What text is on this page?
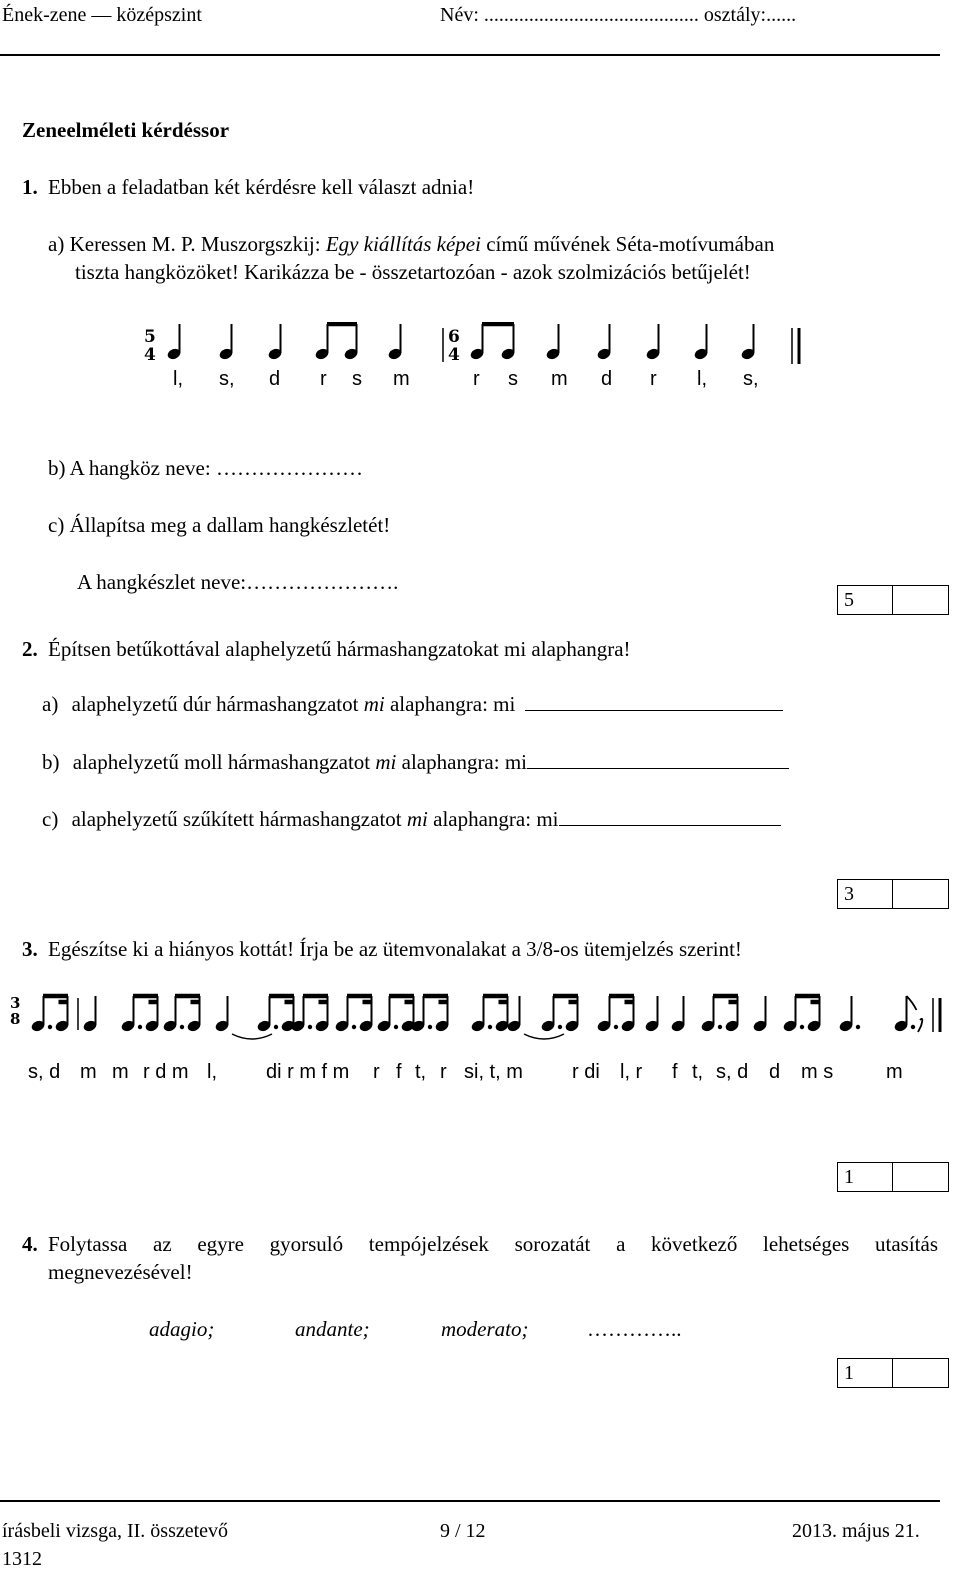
Ének-zene — középszint	Név: ........................................... osztály:......
Zeneelméleti kérdéssor
1. Ebben a feladatban két kérdésre kell választ adnia!
a) Keressen M. P. Muszorgszkij: Egy kiállítás képei című művének Séta-motívumában
tiszta hangközöket! Karikázza be - összetartozóan - azok szolmizációs betűjelét!
5
4
6
4
l, s, d r s m	r s m d r l, s,
b) A hangköz neve: …………………
c) Állapítsa meg a dallam hangkészletét!
A hangkészlet neve:………………….
5
2. Építsen betűkottával alaphelyzetű hármashangzatokat mi alaphangra!
a) alaphelyzetű dúr hármashangzatot mi alaphangra: mi
b) alaphelyzetű moll hármashangzatot mi alaphangra: mi
c) alaphelyzetű szűkített hármashangzatot mi alaphangra: mi
3
3. Egészítse ki a hiányos kottát! Írja be az ütemvonalakat a 3/8-os ütemjelzés szerint!
3
8
s, d m m r d m l, di r m f m r f t, r si, t, m r di l, r f t, s, d d m s	m
1
4. Folytassa az egyre gyorsuló tempójelzések sorozatát a következő lehetséges utasítás
megnevezésével!
adagio;	andante;	moderato;	…………..
1
írásbeli vizsga, II. összetevő	9 / 12	2013. május 21.
1312
